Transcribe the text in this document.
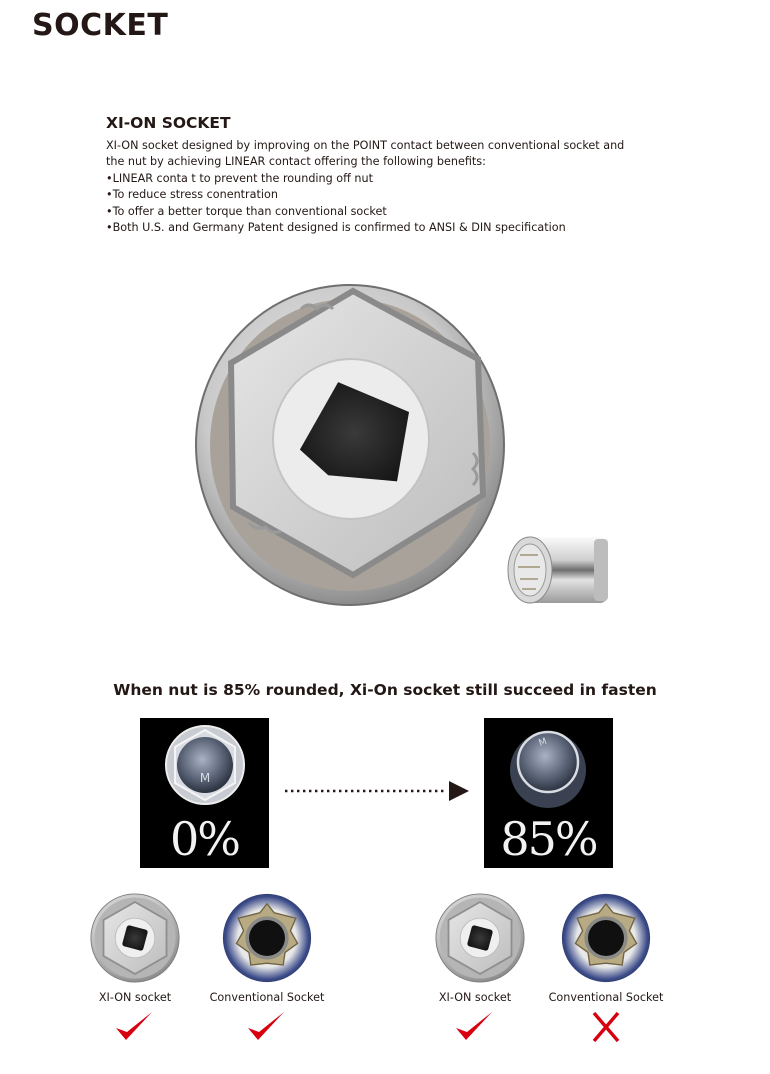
SOCKET
XI-ON SOCKET

XI-ON socket designed by improving on the POINT contact between conventional socket and

the nut by achieving LINEAR contact offering the following benefits:

•LINEAR conta t to prevent the rounding off nut

•To reduce stress conentration

•To offer a better torque than conventional socket

•Both U.S. and Germany Patent designed is confirmed to ANSI & DIN specification

When nut is 85% rounded, Xi-On socket still succeed in fasten
M
0%
M
85%
XI-ON socket	Conventional Socket	XI-ON socket	Conventional Socket
